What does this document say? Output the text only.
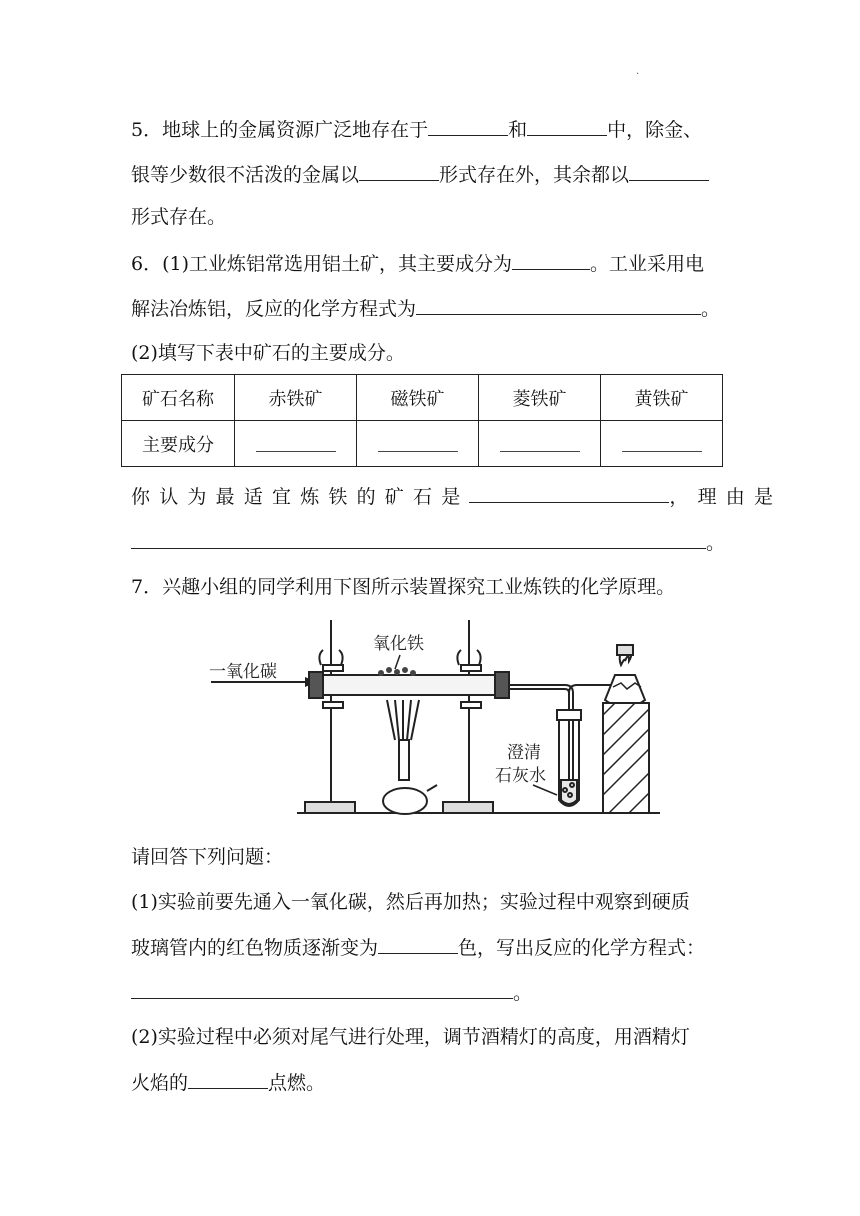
.
5．地球上的金属资源广泛地存在于	和	中，除金、
银等少数很不活泼的金属以	形式存在外，其余都以
形式存在。
6．(1)工业炼铝常选用铝土矿，其主要成分为	。工业采用电
解法冶炼铝，反应的化学方程式为	。
(2)填写下表中矿石的主要成分。
矿石名称	赤铁矿	磁铁矿	菱铁矿	黄铁矿
主要成分				
你认为最适宜炼铁的矿石是	，理由是
。
7．兴趣小组的同学利用下图所示装置探究工业炼铁的化学原理。
一氧化碳
氧化铁
澄清
石灰水
请回答下列问题：
(1)实验前要先通入一氧化碳，然后再加热；实验过程中观察到硬质
玻璃管内的红色物质逐渐变为	色，写出反应的化学方程式：
。
(2)实验过程中必须对尾气进行处理，调节酒精灯的高度，用酒精灯
火焰的	点燃。
